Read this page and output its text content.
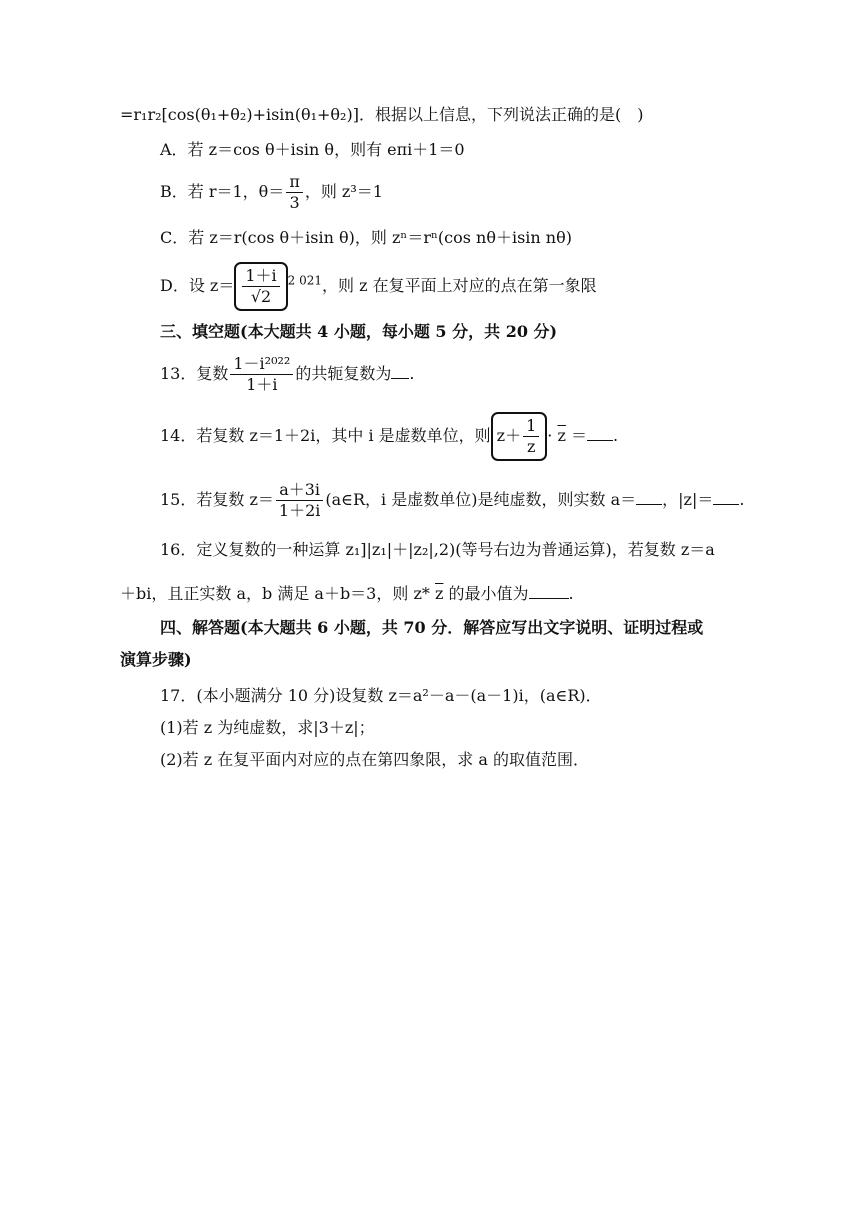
=r₁r₂[cos(θ₁+θ₂)+isin(θ₁+θ₂)]．根据以上信息，下列说法正确的是(　)
A．若 z＝cos θ＋isin θ，则有 eπi＋1＝0
B．若 r＝1，$\theta= \frac{\pi}{3}$ ，则 z³＝1
C．若 z＝r(cos θ＋isin θ)，则 zⁿ＝rⁿ(cos nθ＋isin nθ)
D．设 $z= \frac{1+i}{√2} ^{2 021}$，则 z 在复平面上对应的点在第一象限
三、填空题(本大题共 4 小题，每小题 5 分，共 20 分)
13．复数 $\frac{\text{1－i²⁰²²}}{1+i}$ 的共轭复数为 .
14．若复数 z＝1＋2i，其中 i 是虚数单位，则 $z+ \frac{1}{z} \cdot \overline{z}$ ＝ .
15．若复数 $z= \frac{a+3i}{1+2i}$ (a∈R，i 是虚数单位)是纯虚数，则实数 a＝ ，|z|＝ .
16．定义复数的一种运算 z₁]|z₁|＋|z₂|,2)(等号右边为普通运算)，若复数 z＝a
＋bi，且正实数 a，b 满足 a＋b＝3，则 z* $\overline{z}$ 的最小值为	.
四、解答题(本大题共 6 小题，共 70 分．解答应写出文字说明、证明过程或
演算步骤)
17．(本小题满分 10 分)设复数 z＝a²－a－(a－1)i，(a∈R)．
(1)若 z 为纯虚数，求|3＋z|；
(2)若 z 在复平面内对应的点在第四象限，求 a 的取值范围．
